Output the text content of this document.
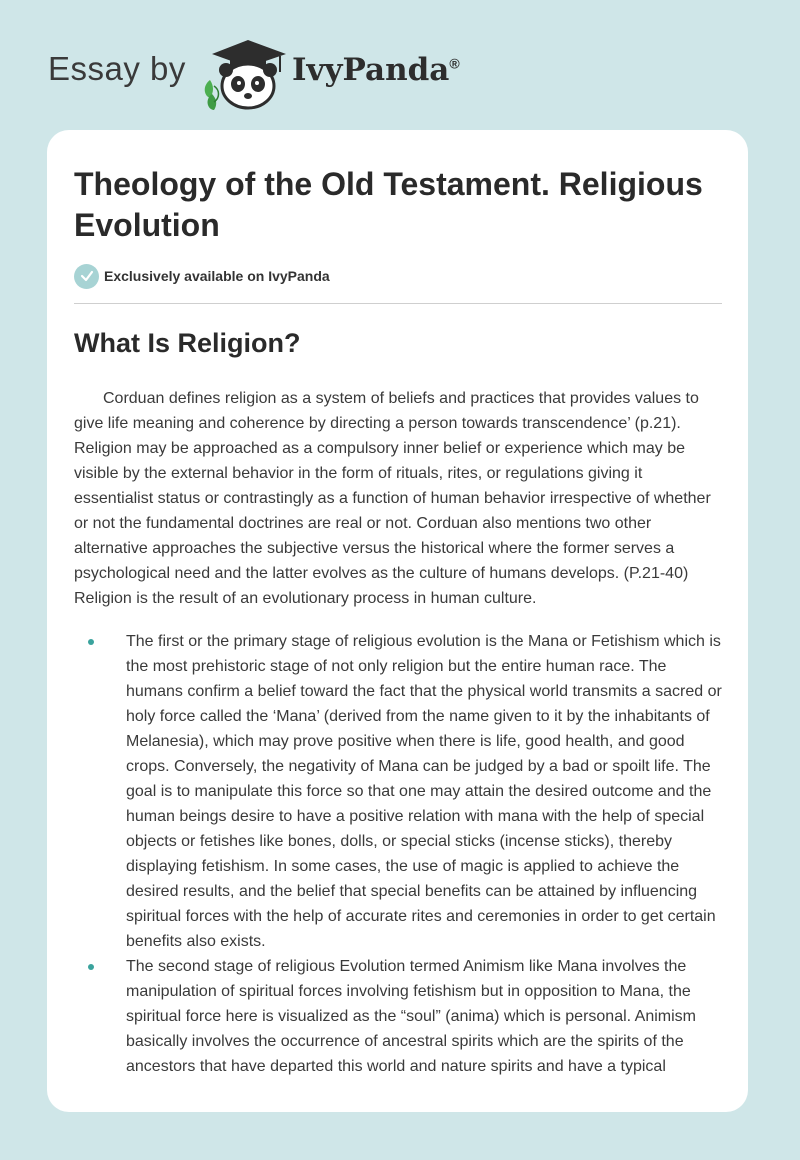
Essay by	IvyPanda®
Theology of the Old Testament. Religious Evolution
Exclusively available on IvyPanda
What Is Religion?

Corduan defines religion as a system of beliefs and practices that provides values to give life meaning and coherence by directing a person towards transcendence’ (p.21). Religion may be approached as a compulsory inner belief or experience which may be visible by the external behavior in the form of rituals, rites, or regulations giving it essentialist status or contrastingly as a function of human behavior irrespective of whether or not the fundamental doctrines are real or not. Corduan also mentions two other alternative approaches the subjective versus the historical where the former serves a psychological need and the latter evolves as the culture of humans develops. (P.21-40) Religion is the result of an evolutionary process in human culture.

The first or the primary stage of religious evolution is the Mana or Fetishism which is the most prehistoric stage of not only religion but the entire human race. The humans confirm a belief toward the fact that the physical world transmits a sacred or holy force called the ‘Mana’ (derived from the name given to it by the inhabitants of Melanesia), which may prove positive when there is life, good health, and good crops. Conversely, the negativity of Mana can be judged by a bad or spoilt life. The goal is to manipulate this force so that one may attain the desired outcome and the human beings desire to have a positive relation with mana with the help of special objects or fetishes like bones, dolls, or special sticks (incense sticks), thereby displaying fetishism. In some cases, the use of magic is applied to achieve the desired results, and the belief that special benefits can be attained by influencing spiritual forces with the help of accurate rites and ceremonies in order to get certain benefits also exists.
The second stage of religious Evolution termed Animism like Mana involves the manipulation of spiritual forces involving fetishism but in opposition to Mana, the spiritual force here is visualized as the “soul” (anima) which is personal. Animism basically involves the occurrence of ancestral spirits which are the spirits of the ancestors that have departed this world and nature spirits and have a typical
